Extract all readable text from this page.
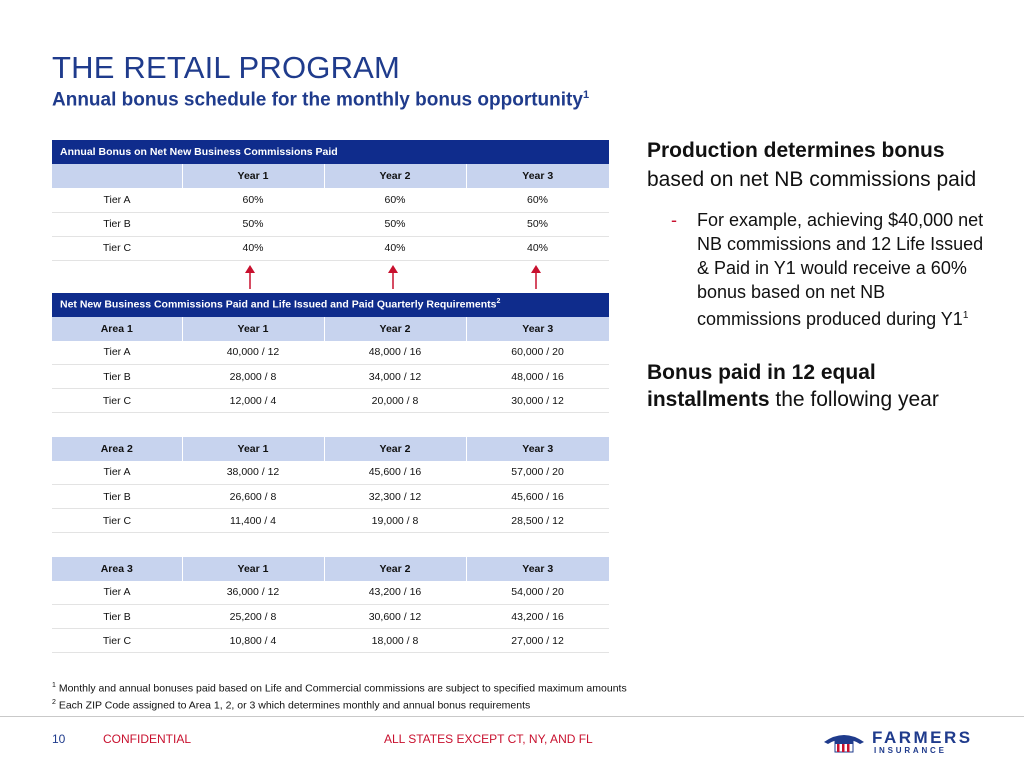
THE RETAIL PROGRAM
Annual bonus schedule for the monthly bonus opportunity$^1$
Annual Bonus on Net New Business Commissions Paid			
	Year 1	Year 2	Year 3
Tier A	60%	60%	60%
Tier B	50%	50%	50%
Tier C	40%	40%	40%
Net New Business Commissions Paid and Life Issued and Paid Quarterly Requirements$^2$
Area 1	Year 1	Year 2	Year 3
Tier A	40,000 / 12	48,000 / 16	60,000 / 20
Tier B	28,000 / 8	34,000 / 12	48,000 / 16
Tier C	12,000 / 4	20,000 / 8	30,000 / 12

Area 2	Year 1	Year 2	Year 3
Tier A	38,000 / 12	45,600 / 16	57,000 / 20
Tier B	26,600 / 8	32,300 / 12	45,600 / 16
Tier C	11,400 / 4	19,000 / 8	28,500 / 12

Area 3	Year 1	Year 2	Year 3
Tier A	36,000 / 12	43,200 / 16	54,000 / 20
Tier B	25,200 / 8	30,600 / 12	43,200 / 16
Tier C	10,800 / 4	18,000 / 8	27,000 / 12
Production determines bonus based on net NB commissions paid
- For example, achieving $40,000 net NB commissions and 12 Life Issued & Paid in Y1 would receive a 60% bonus based on net NB commissions produced during $Y1^1$
Bonus paid in 12 equal installments the following year
$^1$ Monthly and annual bonuses paid based on Life and Commercial commissions are subject to specified maximum amounts
$^2$ Each ZIP Code assigned to Area 1, 2, or 3 which determines monthly and annual bonus requirements
10	CONFIDENTIAL	ALL STATES EXCEPT CT, NY, AND FL	FARMERS
INSURANCE
